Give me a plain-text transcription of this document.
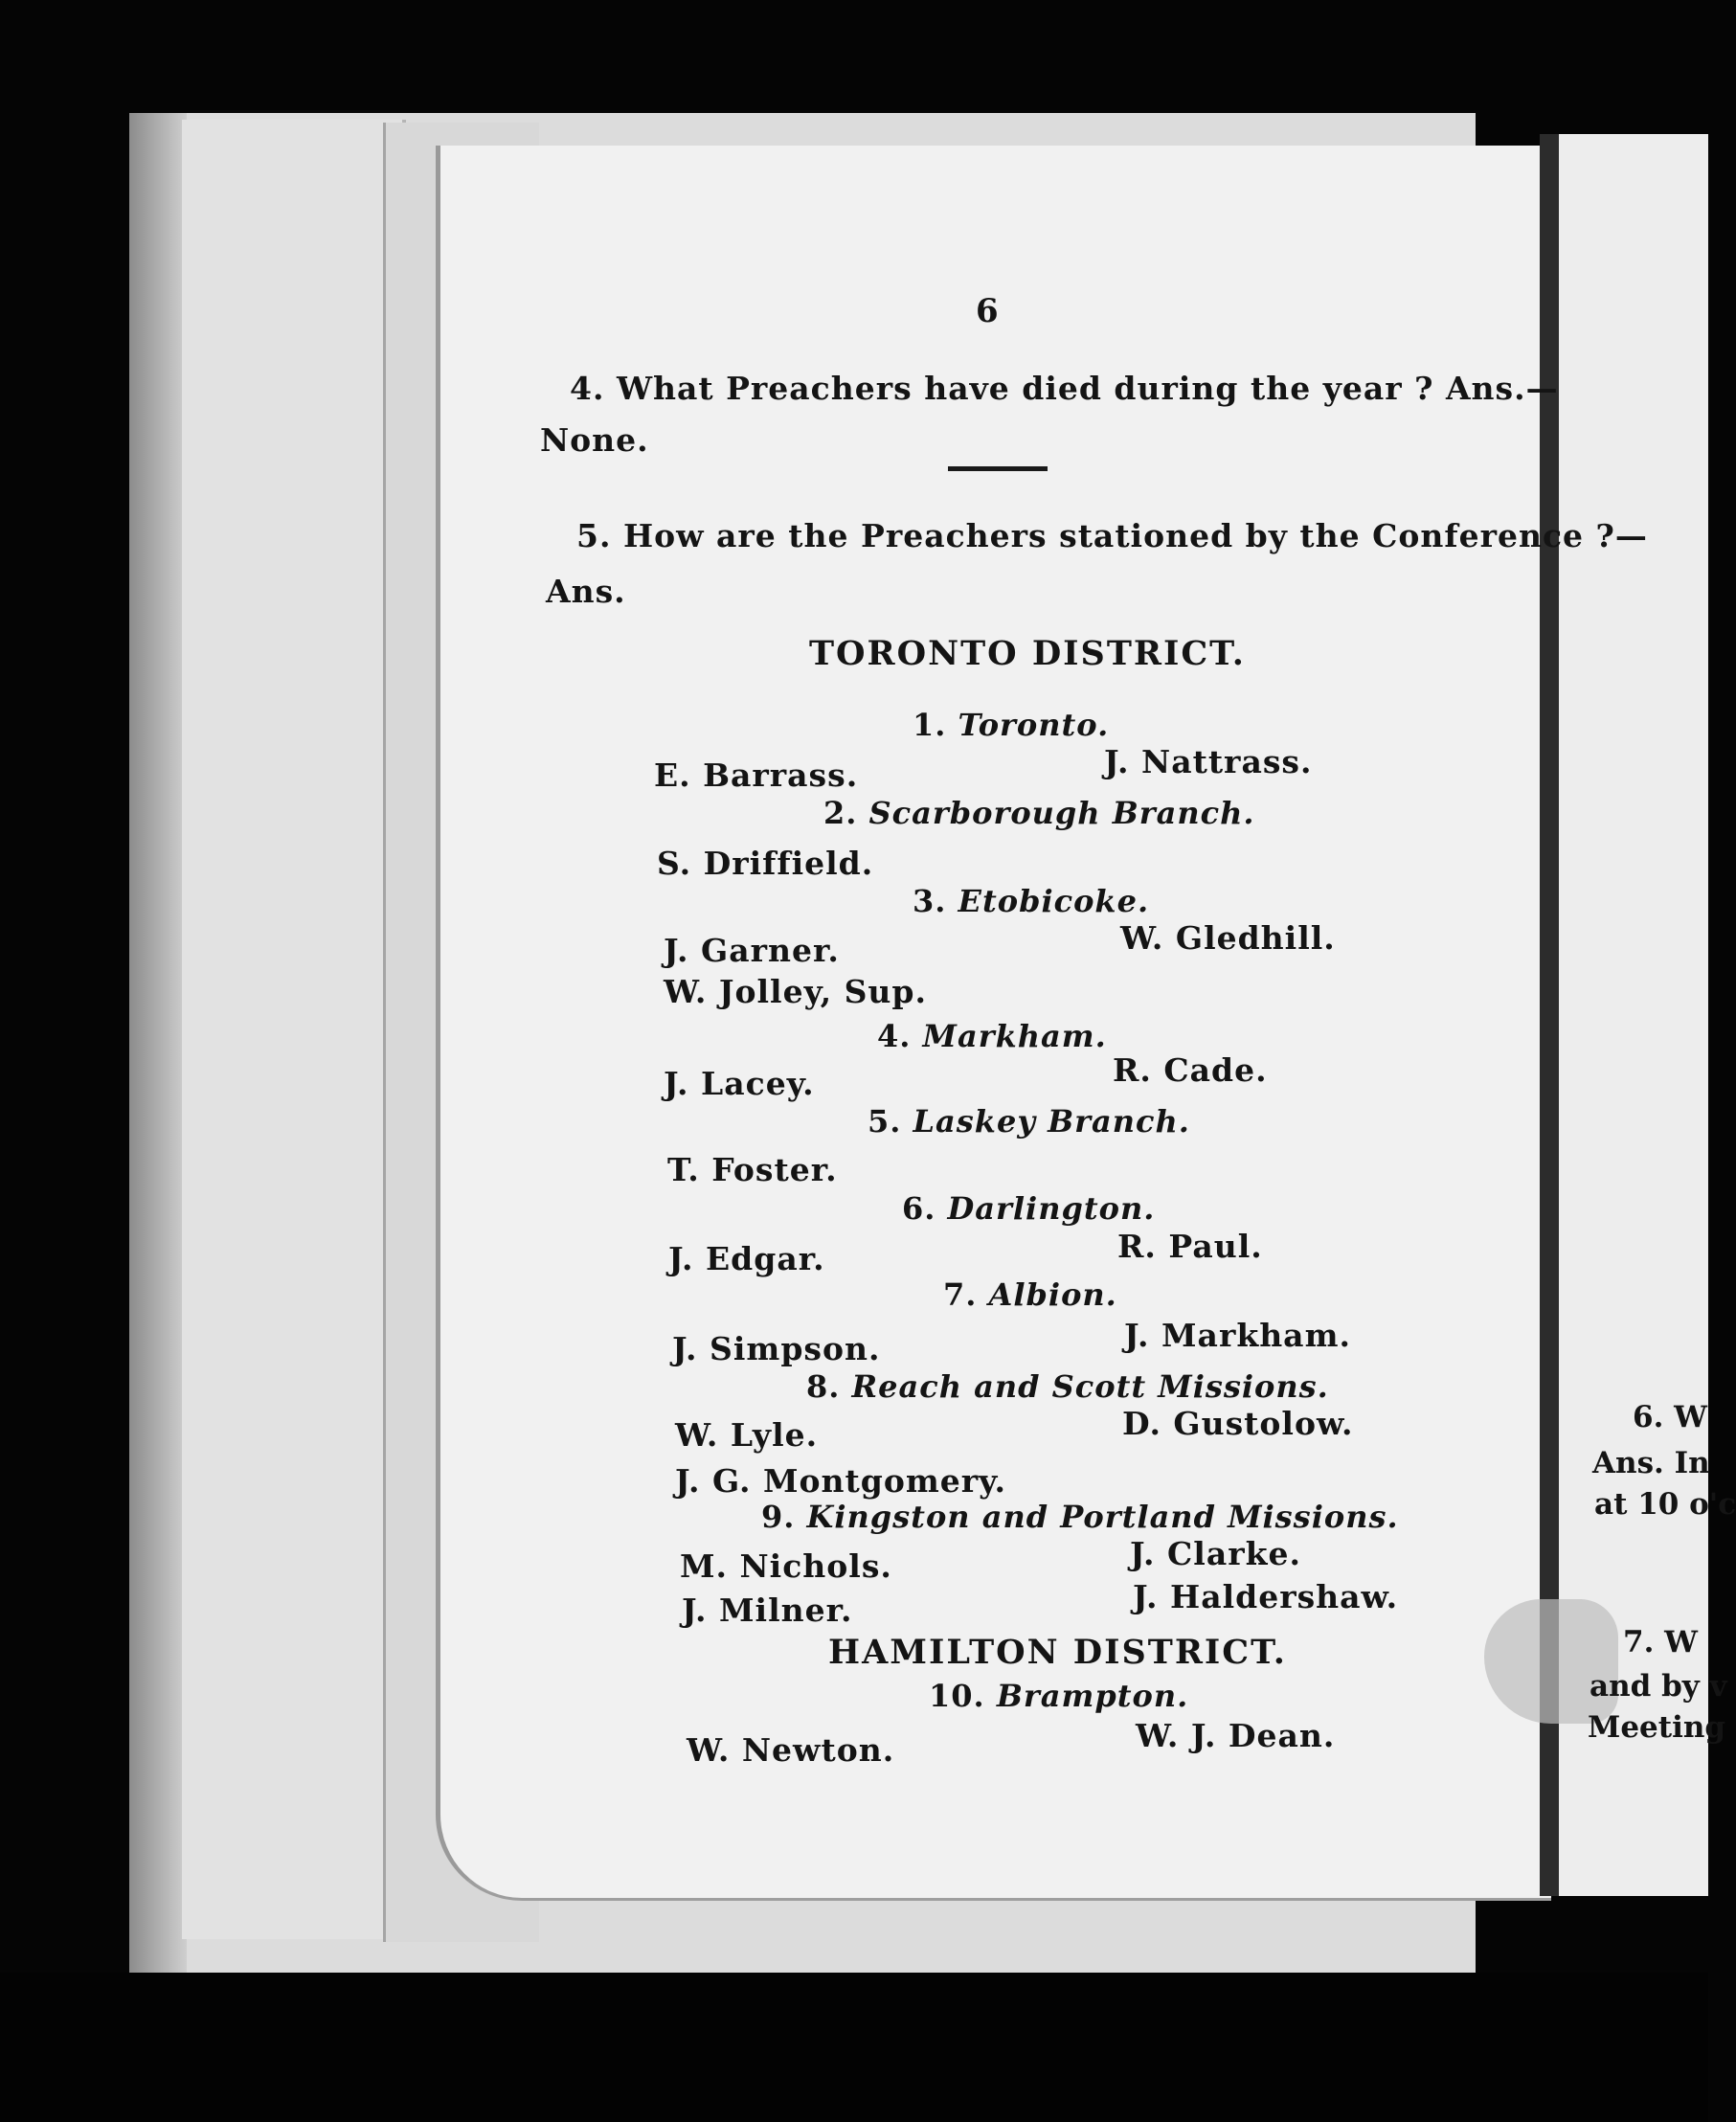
6
4. What Preachers have died during the year ? Ans.—
None.
5. How are the Preachers stationed by the Conference ?—
Ans.
TORONTO DISTRICT.
1. Toronto.
E. Barrass.	J. Nattrass.
2. Scarborough Branch.
S. Driffield.
3. Etobicoke.
J. Garner.	W. Gledhill.
W. Jolley, Sup.
4. Markham.
J. Lacey.	R. Cade.
5. Laskey Branch.
T. Foster.
6. Darlington.
J. Edgar.	R. Paul.
7. Albion.
J. Simpson.	J. Markham.
8. Reach and Scott Missions.
W. Lyle.	D. Gustolow.
J. G. Montgomery.
9. Kingston and Portland Missions.
M. Nichols.	J. Clarke.
J. Milner.	J. Haldershaw.
HAMILTON DISTRICT.
10. Brampton.
W. Newton.	W. J. Dean.
6. W
Ans. In
at 10 o'c
7. W
and by v
Meeting
